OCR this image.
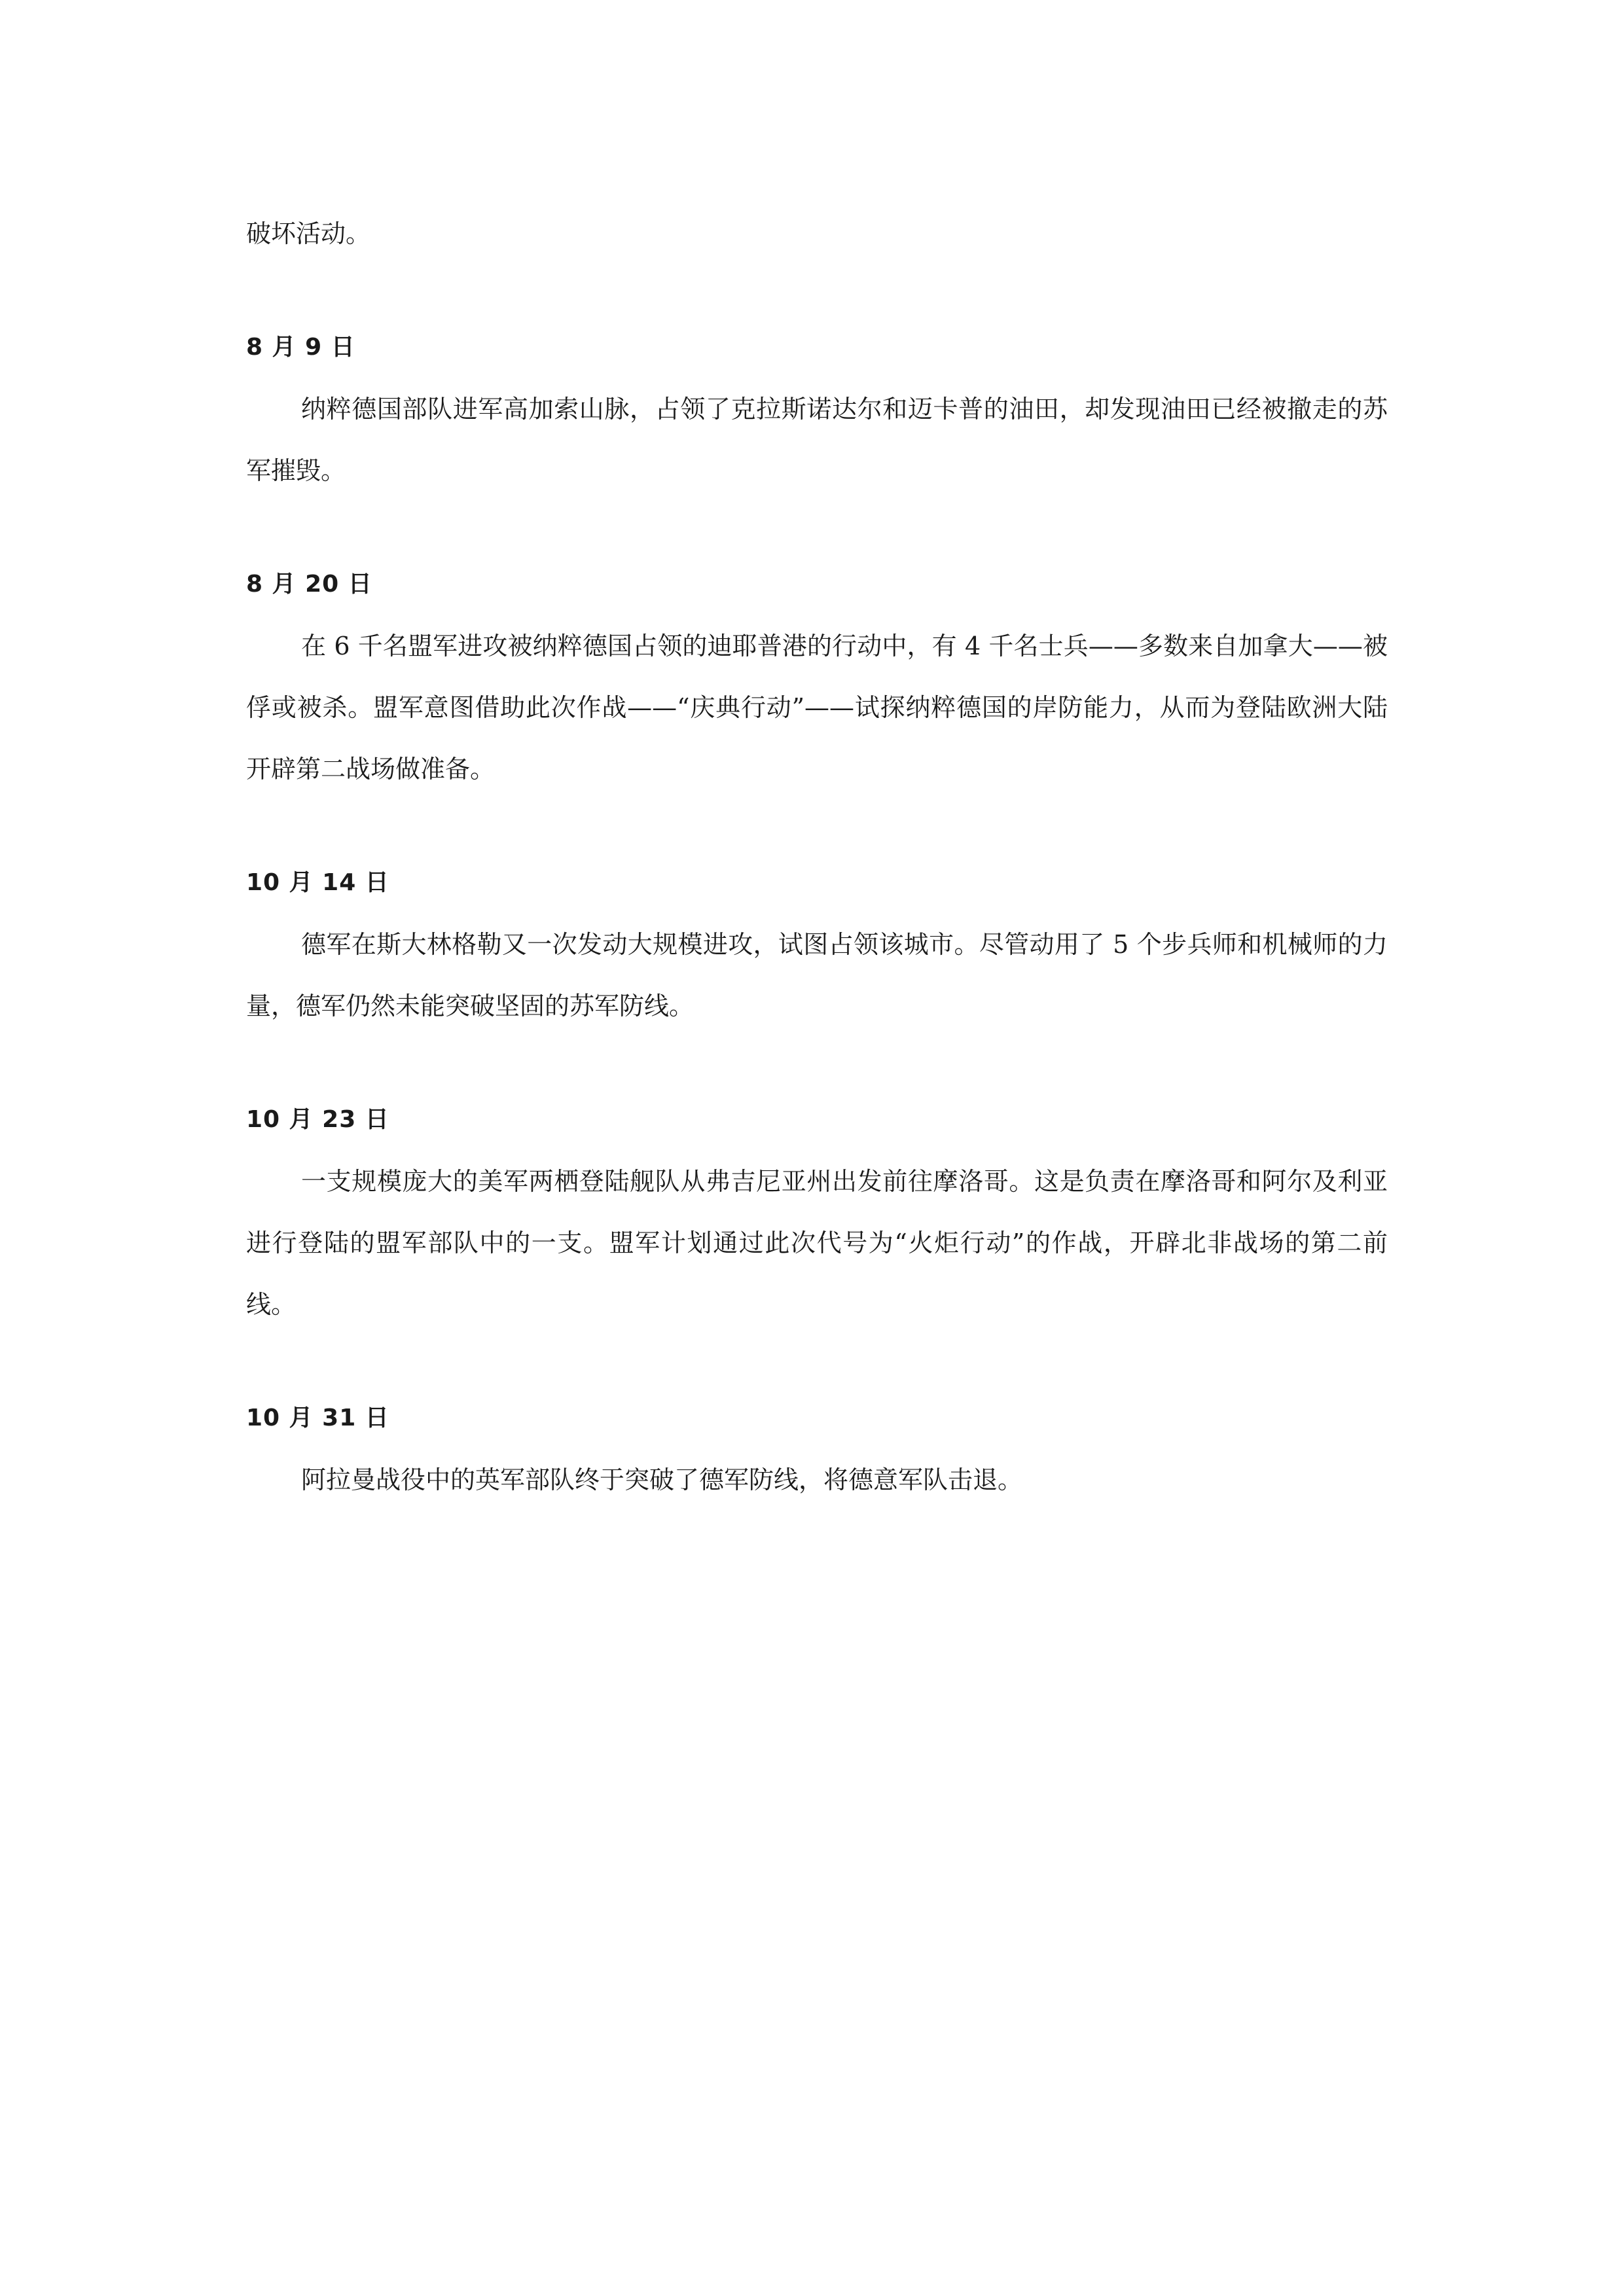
破坏活动。

8 月 9 日

纳粹德国部队进军高加索山脉，占领了克拉斯诺达尔和迈卡普的油田，却发现油田已经被撤走的苏军摧毁。

8 月 20 日

在 6 千名盟军进攻被纳粹德国占领的迪耶普港的行动中，有 4 千名士兵——多数来自加拿大——被俘或被杀。盟军意图借助此次作战——“庆典行动”——试探纳粹德国的岸防能力，从而为登陆欧洲大陆开辟第二战场做准备。

10 月 14 日

德军在斯大林格勒又一次发动大规模进攻，试图占领该城市。尽管动用了 5 个步兵师和机械师的力量，德军仍然未能突破坚固的苏军防线。

10 月 23 日

一支规模庞大的美军两栖登陆舰队从弗吉尼亚州出发前往摩洛哥。这是负责在摩洛哥和阿尔及利亚进行登陆的盟军部队中的一支。盟军计划通过此次代号为“火炬行动”的作战，开辟北非战场的第二前线。

10 月 31 日

阿拉曼战役中的英军部队终于突破了德军防线，将德意军队击退。
